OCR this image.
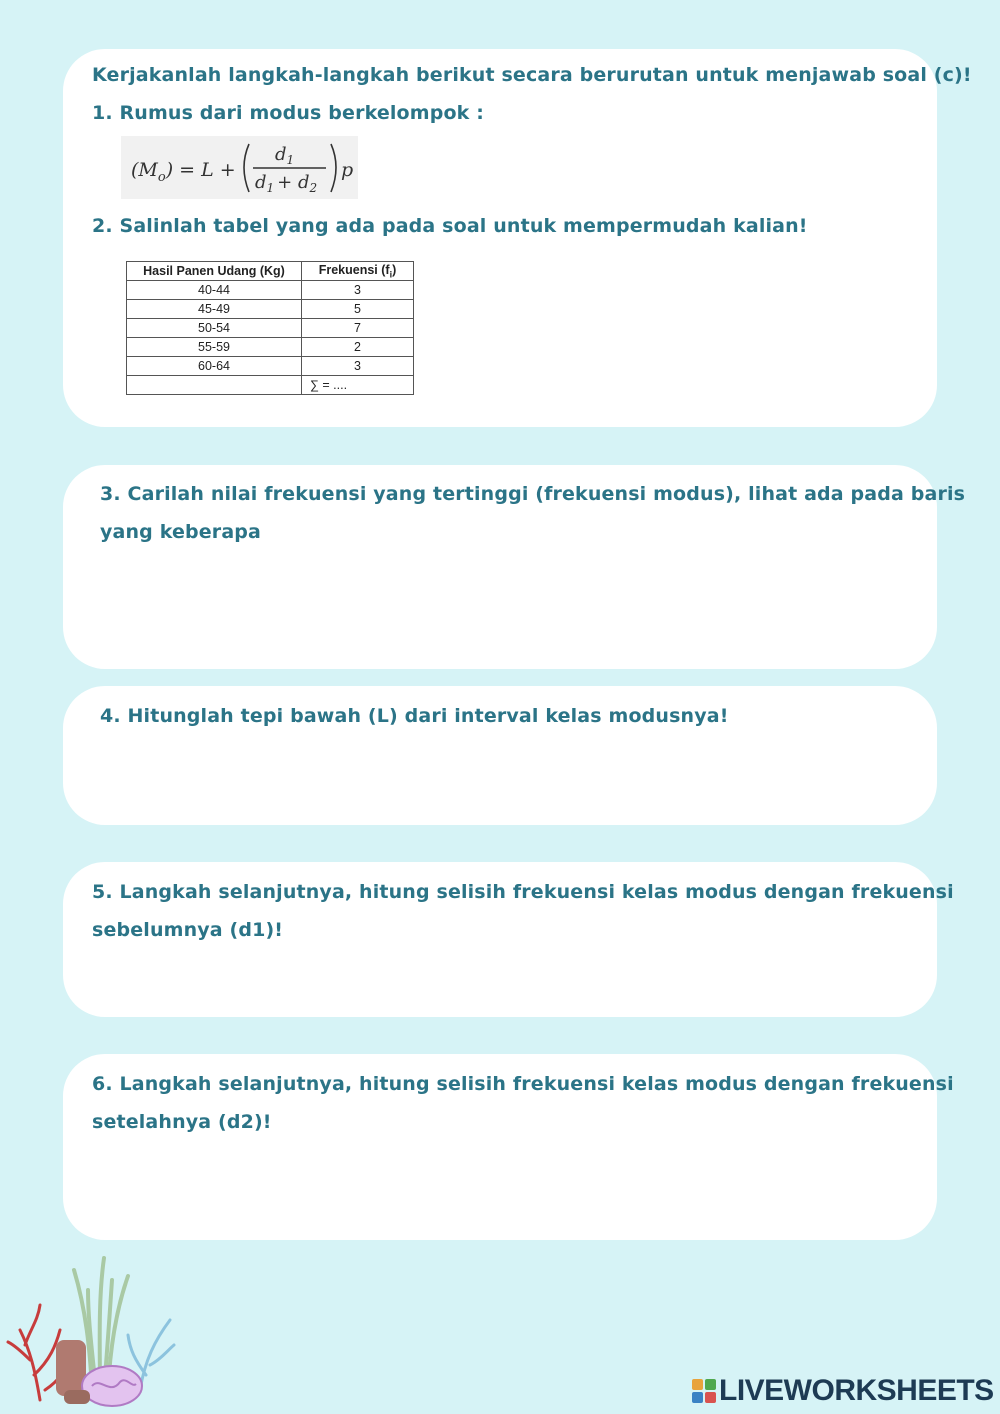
Kerjakanlah langkah-langkah berikut secara berurutan untuk menjawab soal (c)!
1. Rumus dari modus berkelompok :
$(M_o) = L$ +
$d_1$
$d_1 + d_2$
p
2. Salinlah tabel yang ada pada soal untuk mempermudah kalian!
Hasil Panen Udang (Kg)	Frekuensi $(f_i)$
40-44	3
45-49	5
50-54	7
55-59	2
60-64	3
	∑ = ....
3. Carilah nilai frekuensi yang tertinggi (frekuensi modus), lihat ada pada baris
yang keberapa
4. Hitunglah tepi bawah (L) dari interval kelas modusnya!
5. Langkah selanjutnya, hitung selisih frekuensi kelas modus dengan frekuensi
sebelumnya (d1)!
6. Langkah selanjutnya, hitung selisih frekuensi kelas modus dengan frekuensi
setelahnya (d2)!
LIVEWORKSHEETS
